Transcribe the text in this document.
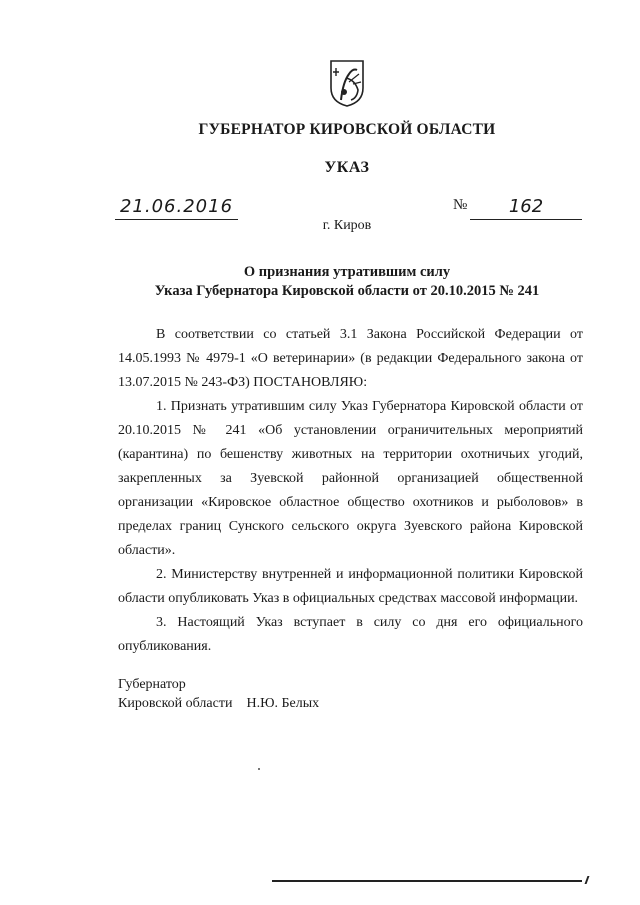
ГУБЕРНАТОР КИРОВСКОЙ ОБЛАСТИ
УКАЗ
21.06.2016	№	162
г. Киров
О признания утратившим силу
Указа Губернатора Кировской области от 20.10.2015 № 241

В соответствии со статьей 3.1 Закона Российской Федерации от 14.05.1993 № 4979-1 «О ветеринарии» (в редакции Федерального закона от 13.07.2015 № 243-ФЗ) ПОСТАНОВЛЯЮ:

1. Признать утратившим силу Указ Губернатора Кировской области от 20.10.2015 № 241 «Об установлении ограничительных мероприятий (карантина) по бешенству животных на территории охотничьих угодий, закрепленных за Зуевской районной организацией общественной организации «Кировское областное общество охотников и рыболовов» в пределах границ Сунского сельского округа Зуевского района Кировской области».

2. Министерству внутренней и информационной политики Кировской области опубликовать Указ в официальных средствах массовой информации.

3. Настоящий Указ вступает в силу со дня его официального опубликования.

Губернатор
Кировской области Н.Ю. Белых
